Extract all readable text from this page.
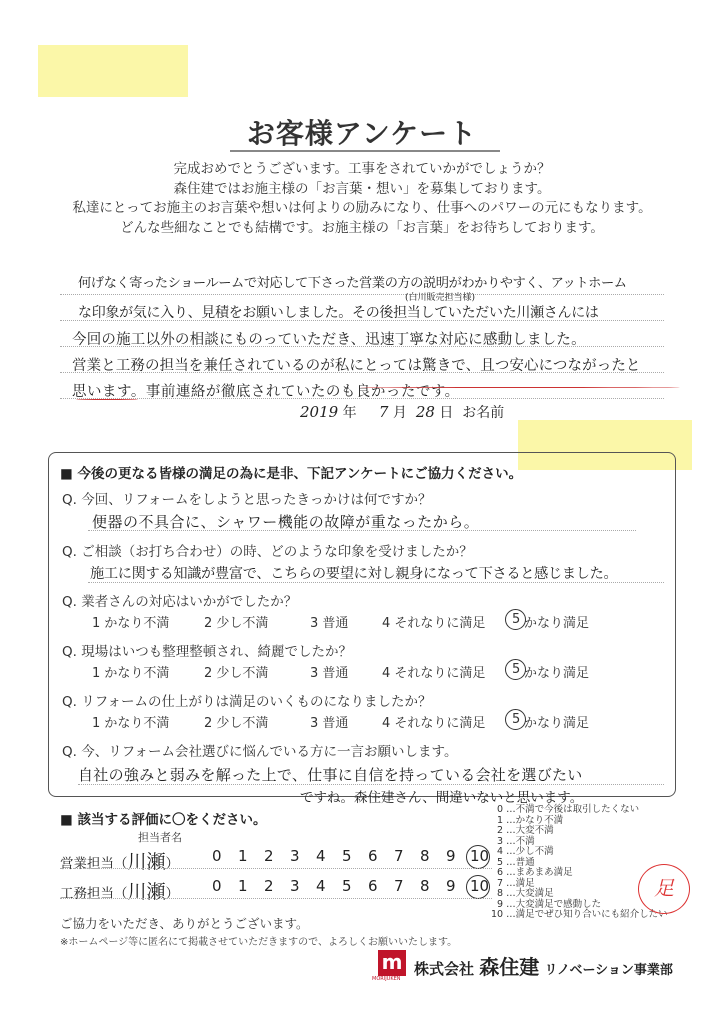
お客様アンケート
完成おめでとうございます。工事をされていかがでしょうか？
森住建ではお施主様の「お言葉・想い」を募集しております。
私達にとってお施主のお言葉や想いは何よりの励みになり、仕事へのパワーの元にもなります。
どんな些細なことでも結構です。お施主様の「お言葉」をお待ちしております。
何げなく寄ったショールームで対応して下さった営業の方の説明がわかりやすく、アットホーム
(白川販売担当様)
な印象が気に入り、見積をお願いしました。その後担当していただいた川瀬さんには
今回の施工以外の相談にものっていただき、迅速丁寧な対応に感動しました。
営業と工務の担当を兼任されているのが私にとっては驚きで、且つ安心につながったと
思います。事前連絡が徹底されていたのも良かったです。
2019 年 7 月 28 日 お名前
■ 今後の更なる皆様の満足の為に是非、下記アンケートにご協力ください。
Q. 今回、リフォームをしようと思ったきっかけは何ですか？
便器の不具合に、シャワー機能の故障が重なったから。
Q. ご相談（お打ち合わせ）の時、どのような印象を受けましたか？
施工に関する知識が豊富で、こちらの要望に対し親身になって下さると感じました。
Q. 業者さんの対応はいかがでしたか？
1 かなり不満	2 少し不満	3 普通	4 それなりに満足 5 かなり満足
Q. 現場はいつも整理整頓され、綺麗でしたか？
1 かなり不満	2 少し不満	3 普通	4 それなりに満足 5 かなり満足
Q. リフォームの仕上がりは満足のいくものになりましたか？
1 かなり不満	2 少し不満	3 普通	4 それなりに満足 5 かなり満足
Q. 今、リフォーム会社選びに悩んでいる方に一言お願いします。
自社の強みと弱みを解った上で、仕事に自信を持っている会社を選びたい
ですね。森住建さん、間違いないと思います。
■ 該当する評価に〇をください。
担当者名
営業担当（川瀬） 0 1 2 3 4 5 6 7 8 9 10
工務担当（川瀬） 0 1 2 3 4 5 6 7 8 9 10
0 …不満で今後は取引したくない
1 …かなり不満
2 …大変不満
3 …不満
4 …少し不満
5 …普通
6 …まあまあ満足
7 …満足
8 …大変満足
9 …大変満足で感動した
10 …満足でぜひ知り合いにも紹介したい
足
ご協力をいただき、ありがとうございます。
※ホームページ等に匿名にて掲載させていただきますので、よろしくお願いいたします。
m
MORIJUKEN
株式会社 森住建 リノベーション事業部
